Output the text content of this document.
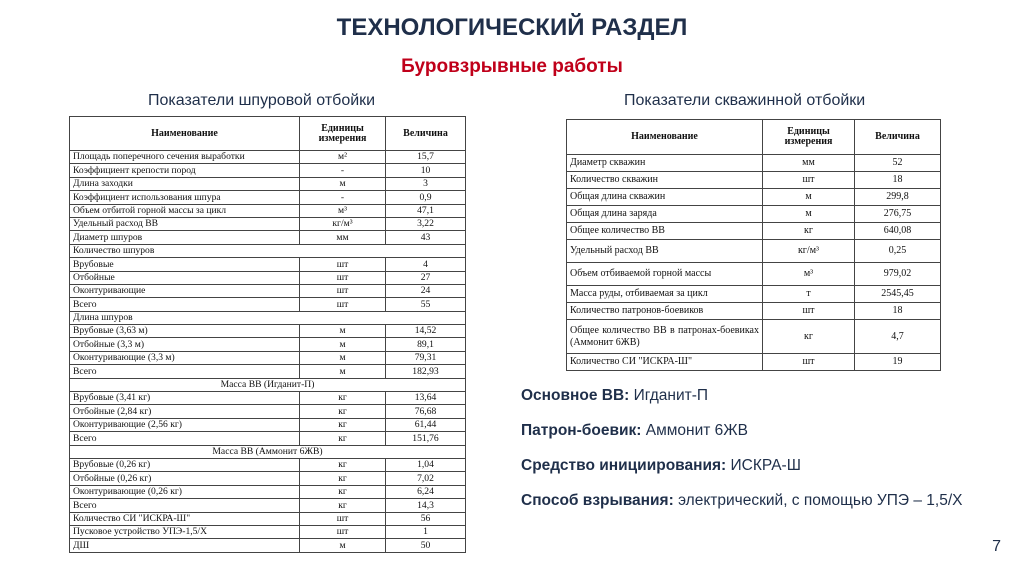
ТЕХНОЛОГИЧЕСКИЙ РАЗДЕЛ
Буровзрывные работы
Показатели шпуровой отбойки	Показатели скважинной отбойки
Наименование	Единицы измерения	Величина
Площадь поперечного сечения выработки	м²	15,7
Коэффициент крепости пород	-	10
Длина заходки	м	3
Коэффициент использования шпура	-	0,9
Объем отбитой горной массы за цикл	м³	47,1
Удельный расход ВВ	кг/м³	3,22
Диаметр шпуров	мм	43
Количество шпуров		
Врубовые	шт	4
Отбойные	шт	27
Оконтуривающие	шт	24
Всего	шт	55
Длина шпуров		
Врубовые (3,63 м)	м	14,52
Отбойные (3,3 м)	м	89,1
Оконтуривающие (3,3 м)	м	79,31
Всего	м	182,93
Масса ВВ (Игданит-П)		
Врубовые (3,41 кг)	кг	13,64
Отбойные (2,84 кг)	кг	76,68
Оконтуривающие (2,56 кг)	кг	61,44
Всего	кг	151,76
Масса ВВ (Аммонит 6ЖВ)		
Врубовые (0,26 кг)	кг	1,04
Отбойные (0,26 кг)	кг	7,02
Оконтуривающие (0,26 кг)	кг	6,24
Всего	кг	14,3
Количество СИ "ИСКРА-Ш"	шт	56
Пусковое устройство УПЭ-1,5/Х	шт	1
ДШ	м	50
Наименование	Единицы измерения	Величина
Диаметр скважин	мм	52
Количество скважин	шт	18
Общая длина скважин	м	299,8
Общая длина заряда	м	276,75
Общее количество ВВ	кг	640,08
Удельный расход ВВ	кг/м³	0,25
Объем отбиваемой горной массы	м³	979,02
Масса руды, отбиваемая за цикл	т	2545,45
Количество патронов-боевиков	шт	18
Общее количество ВВ в патронах-боевиках (Аммонит 6ЖВ)	кг	4,7
Количество СИ "ИСКРА-Ш"	шт	19
Основное ВВ: Игданит-П
Патрон-боевик: Аммонит 6ЖВ
Средство инициирования: ИСКРА-Ш
Способ взрывания: электрический, с помощью УПЭ – 1,5/Х
7
